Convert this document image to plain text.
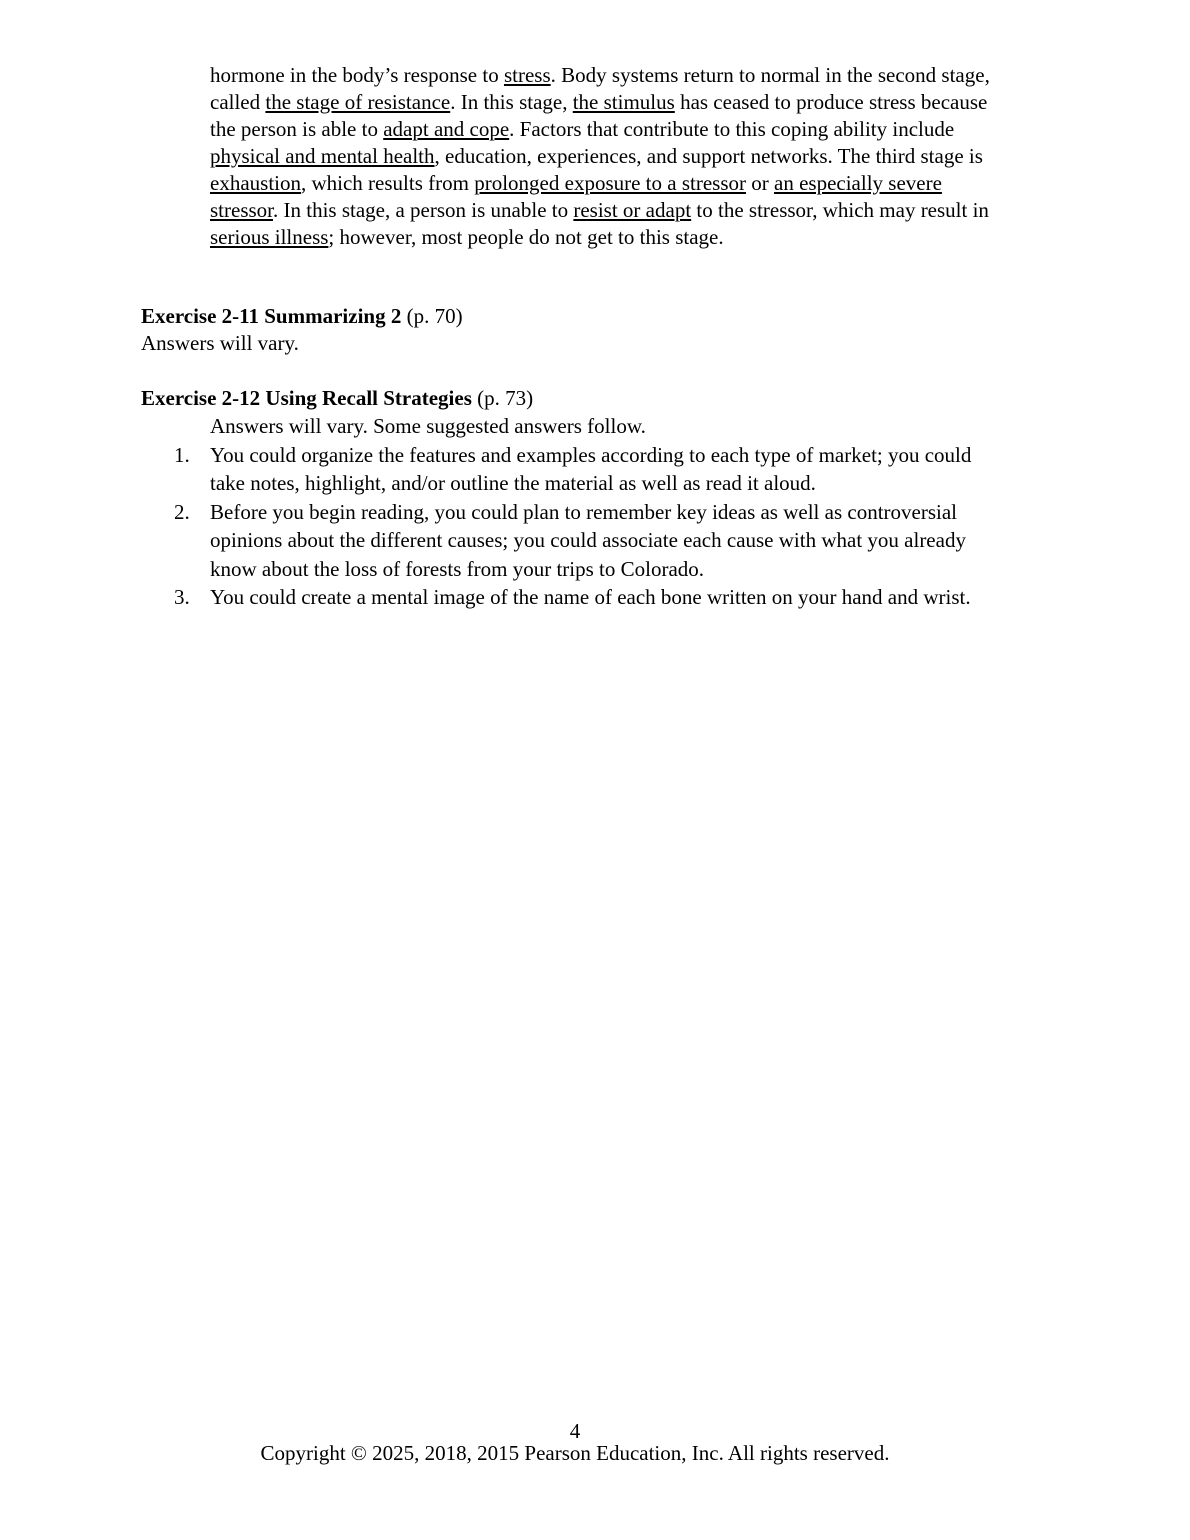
hormone in the body’s response to stress. Body systems return to normal in the second stage, called the stage of resistance. In this stage, the stimulus has ceased to produce stress because the person is able to adapt and cope. Factors that contribute to this coping ability include physical and mental health, education, experiences, and support networks. The third stage is exhaustion, which results from prolonged exposure to a stressor or an especially severe stressor. In this stage, a person is unable to resist or adapt to the stressor, which may result in serious illness; however, most people do not get to this stage.

Exercise 2-11 Summarizing 2 (p. 70)

Answers will vary.

Exercise 2-12 Using Recall Strategies (p. 73)

Answers will vary. Some suggested answers follow.

1. You could organize the features and examples according to each type of market; you could take notes, highlight, and/or outline the material as well as read it aloud.
2. Before you begin reading, you could plan to remember key ideas as well as controversial opinions about the different causes; you could associate each cause with what you already know about the loss of forests from your trips to Colorado.
3. You could create a mental image of the name of each bone written on your hand and wrist.

4

Copyright © 2025, 2018, 2015 Pearson Education, Inc. All rights reserved.
